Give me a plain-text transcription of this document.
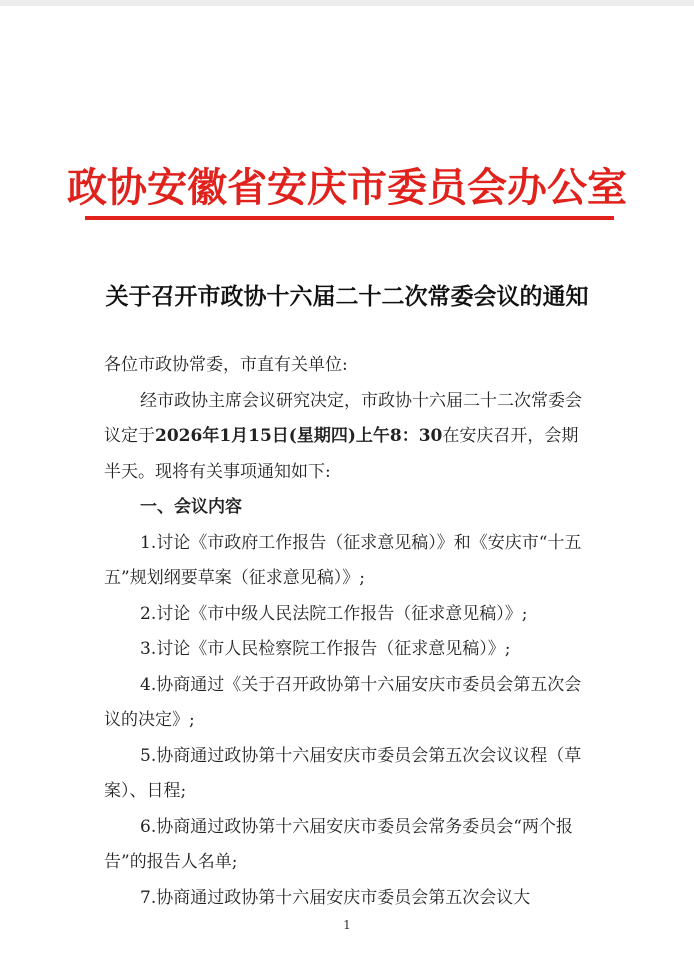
政协安徽省安庆市委员会办公室
关于召开市政协十六届二十二次常委会议的通知

各位市政协常委，市直有关单位:

经市政协主席会议研究决定，市政协十六届二十二次常委会议定于2026年1月15日(星期四)上午8：30在安庆召开，会期半天。现将有关事项通知如下:

一、会议内容

1.讨论《市政府工作报告（征求意见稿）》和《安庆市“十五五”规划纲要草案（征求意见稿）》;

2.讨论《市中级人民法院工作报告（征求意见稿）》;

3.讨论《市人民检察院工作报告（征求意见稿）》;

4.协商通过《关于召开政协第十六届安庆市委员会第五次会议的决定》;

5.协商通过政协第十六届安庆市委员会第五次会议议程（草案）、日程;

6.协商通过政协第十六届安庆市委员会常务委员会“两个报告”的报告人名单;

7.协商通过政协第十六届安庆市委员会第五次会议大

1
